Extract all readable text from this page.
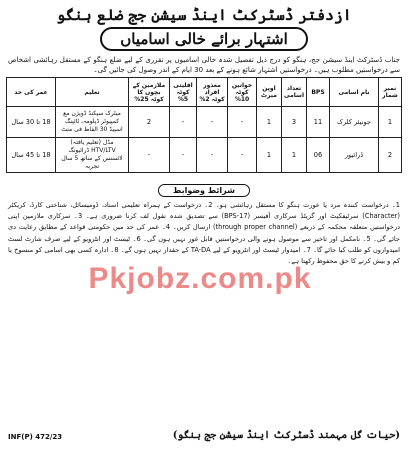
ازدفتر ڈسٹرکٹ اینڈ سیشن جج ضلع ہنگو
اشتہار برائے خالی اسامیاں
جناب ڈسٹرکٹ اینڈ سیشن جج، ہنگو کو درج ذیل تفصیل شدہ خالی اسامیوں پر تقرری کے لیے ضلع ہنگو کے مستقل رہائشی اشخاص سے درخواستیں مطلوب ہیں۔ درخواستیں اشتہار شائع ہونے کے بعد 30 ایام کے اندر وصول کی جائیں گی۔
نمبر شمار	نام اسامی	BPS	تعداد اسامی	اوپن میرٹ	خواتین کوٹہ 10%	معذور افراد کوٹہ 2%	اقلیتی کوٹہ 5%	ملازمین کے بچوں کا کوٹہ 25%	تعلیم	عمر کی حد
1	جونیئر کلرک	11	3	1	-	-	-	2	میٹرک سیکنڈ ڈویژن مع کمپیوٹر ڈپلومہ، ٹائپنگ اسپیڈ 30 الفاظ فی منٹ	18 تا 30 سال
2	ڈرائیور	06	1	1	-	-	-	-	مڈل (تعلیم یافتہ) HTV/LTV ڈرائیونگ لائسنس کے ساتھ 5 سال تجربہ	18 تا 45 سال
شرائط وضوابط
1۔ درخواست کنندہ مرد یا عورت ہنگو کا مستقل رہائشی ہو۔ 2۔ درخواست کے ہمراہ تعلیمی اسناد، ڈومیسائل، شناختی کارڈ، کریکٹر (Character) سرٹیفکیٹ اور گزیٹڈ سرکاری آفیسر (BPS-17) سے تصدیق شدہ نقول لف کرنا ضروری ہے۔ 3۔ سرکاری ملازمین اپنی درخواستیں متعلقہ محکمہ کے ذریعے (through proper channel) ارسال کریں۔ 4۔ عمر کی حد میں حکومتی قواعد کے مطابق رعایت دی جائے گی۔ 5۔ نامکمل اور تاخیر سے موصول ہونے والی درخواستیں قابل غور نہیں ہوں گی۔ 6۔ ٹیسٹ اور انٹرویو کے لیے صرف شارٹ لسٹ امیدواروں کو طلب کیا جائے گا۔ 7۔ امیدوار ٹیسٹ اور انٹرویو کے لیے TA-DA کے حقدار نہیں ہوں گے۔ 8۔ ادارہ کسی بھی اسامی کو منسوخ یا کم و بیش کرنے کا حق محفوظ رکھتا ہے۔
Pkjobz.com.pk
INF(P) 472/23	(حیات گل مہمند ڈسٹرکٹ اینڈ سیشن جج ہنگو)
